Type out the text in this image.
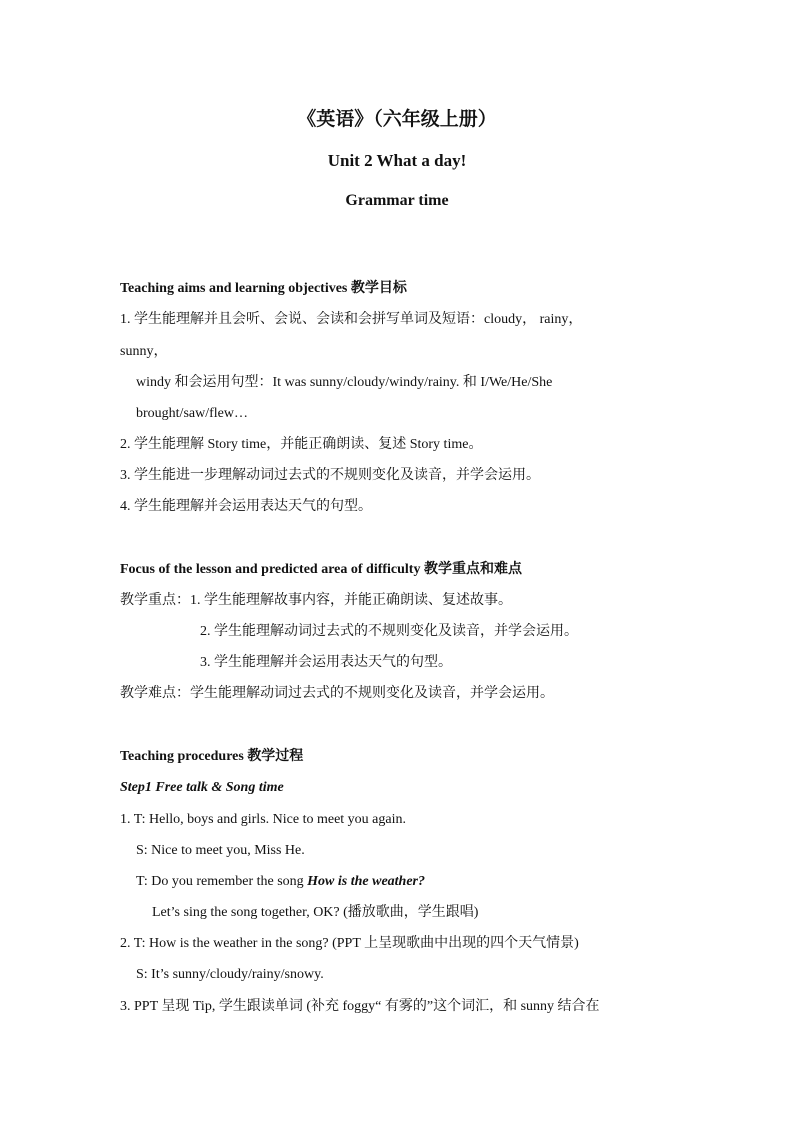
《英语》（六年级上册）
Unit 2 What a day!
Grammar time
Teaching aims and learning objectives 教学目标
1. 学生能理解并且会听、会说、会读和会拼写单词及短语：cloudy， rainy，
sunny，
windy 和会运用句型：It was sunny/cloudy/windy/rainy. 和 I/We/He/She
brought/saw/flew…
2. 学生能理解 Story time，并能正确朗读、复述 Story time。
3. 学生能进一步理解动词过去式的不规则变化及读音，并学会运用。
4. 学生能理解并会运用表达天气的句型。
Focus of the lesson and predicted area of difficulty 教学重点和难点
教学重点：1. 学生能理解故事内容，并能正确朗读、复述故事。
2. 学生能理解动词过去式的不规则变化及读音，并学会运用。
3. 学生能理解并会运用表达天气的句型。
教学难点：学生能理解动词过去式的不规则变化及读音，并学会运用。
Teaching procedures 教学过程
Step1 Free talk & Song time
1. T: Hello, boys and girls. Nice to meet you again.
S: Nice to meet you, Miss He.
T: Do you remember the song How is the weather?
Let’s sing the song together, OK? (播放歌曲，学生跟唱)
2. T: How is the weather in the song? (PPT 上呈现歌曲中出现的四个天气情景)
S: It’s sunny/cloudy/rainy/snowy.
3. PPT 呈现 Tip, 学生跟读单词 (补充 foggy“ 有雾的”这个词汇，和 sunny 结合在
